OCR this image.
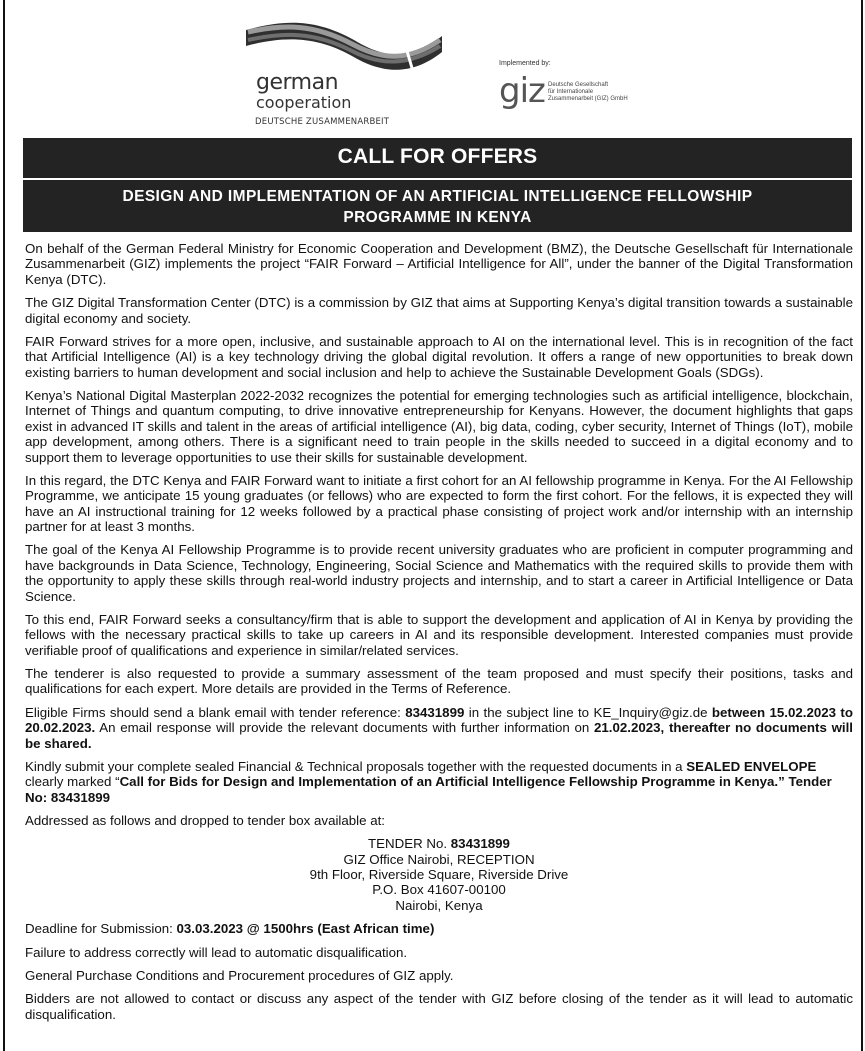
german
cooperation
DEUTSCHE ZUSAMMENARBEIT
Implemented by:
giz Deutsche Gesellschaft
für Internationale
Zusammenarbeit (GIZ) GmbH
CALL FOR OFFERS
DESIGN AND IMPLEMENTATION OF AN ARTIFICIAL INTELLIGENCE FELLOWSHIP
PROGRAMME IN KENYA

On behalf of the German Federal Ministry for Economic Cooperation and Development (BMZ), the Deutsche Gesellschaft für Internationale Zusammenarbeit (GIZ) implements the project “FAIR Forward – Artificial Intelligence for All”, under the banner of the Digital Transformation Kenya (DTC).

The GIZ Digital Transformation Center (DTC) is a commission by GIZ that aims at Supporting Kenya’s digital transition towards a sustainable digital economy and society.

FAIR Forward strives for a more open, inclusive, and sustainable approach to AI on the international level. This is in recognition of the fact that Artificial Intelligence (AI) is a key technology driving the global digital revolution. It offers a range of new opportunities to break down existing barriers to human development and social inclusion and help to achieve the Sustainable Development Goals (SDGs).

Kenya’s National Digital Masterplan 2022-2032 recognizes the potential for emerging technologies such as artificial intelligence, blockchain, Internet of Things and quantum computing, to drive innovative entrepreneurship for Kenyans. However, the document highlights that gaps exist in advanced IT skills and talent in the areas of artificial intelligence (AI), big data, coding, cyber security, Internet of Things (IoT), mobile app development, among others. There is a significant need to train people in the skills needed to succeed in a digital economy and to support them to leverage opportunities to use their skills for sustainable development.

In this regard, the DTC Kenya and FAIR Forward want to initiate a first cohort for an AI fellowship programme in Kenya. For the AI Fellowship Programme, we anticipate 15 young graduates (or fellows) who are expected to form the first cohort. For the fellows, it is expected they will have an AI instructional training for 12 weeks followed by a practical phase consisting of project work and/or internship with an internship partner for at least 3 months.

The goal of the Kenya AI Fellowship Programme is to provide recent university graduates who are proficient in computer programming and have backgrounds in Data Science, Technology, Engineering, Social Science and Mathematics with the required skills to provide them with the opportunity to apply these skills through real-world industry projects and internship, and to start a career in Artificial Intelligence or Data Science.

To this end, FAIR Forward seeks a consultancy/firm that is able to support the development and application of AI in Kenya by providing the fellows with the necessary practical skills to take up careers in AI and its responsible development. Interested companies must provide verifiable proof of qualifications and experience in similar/related services.

The tenderer is also requested to provide a summary assessment of the team proposed and must specify their positions, tasks and qualifications for each expert. More details are provided in the Terms of Reference.

Eligible Firms should send a blank email with tender reference: 83431899 in the subject line to KE_Inquiry@giz.de between 15.02.2023 to 20.02.2023. An email response will provide the relevant documents with further information on 21.02.2023, thereafter no documents will be shared.

Kindly submit your complete sealed Financial & Technical proposals together with the requested documents in a SEALED ENVELOPE clearly marked “Call for Bids for Design and Implementation of an Artificial Intelligence Fellowship Programme in Kenya.” Tender No: 83431899

Addressed as follows and dropped to tender box available at:

TENDER No. 83431899
GIZ Office Nairobi, RECEPTION
9th Floor, Riverside Square, Riverside Drive
P.O. Box 41607-00100
Nairobi, Kenya

Deadline for Submission: 03.03.2023 @ 1500hrs (East African time)

Failure to address correctly will lead to automatic disqualification.

General Purchase Conditions and Procurement procedures of GIZ apply.

Bidders are not allowed to contact or discuss any aspect of the tender with GIZ before closing of the tender as it will lead to automatic disqualification.
